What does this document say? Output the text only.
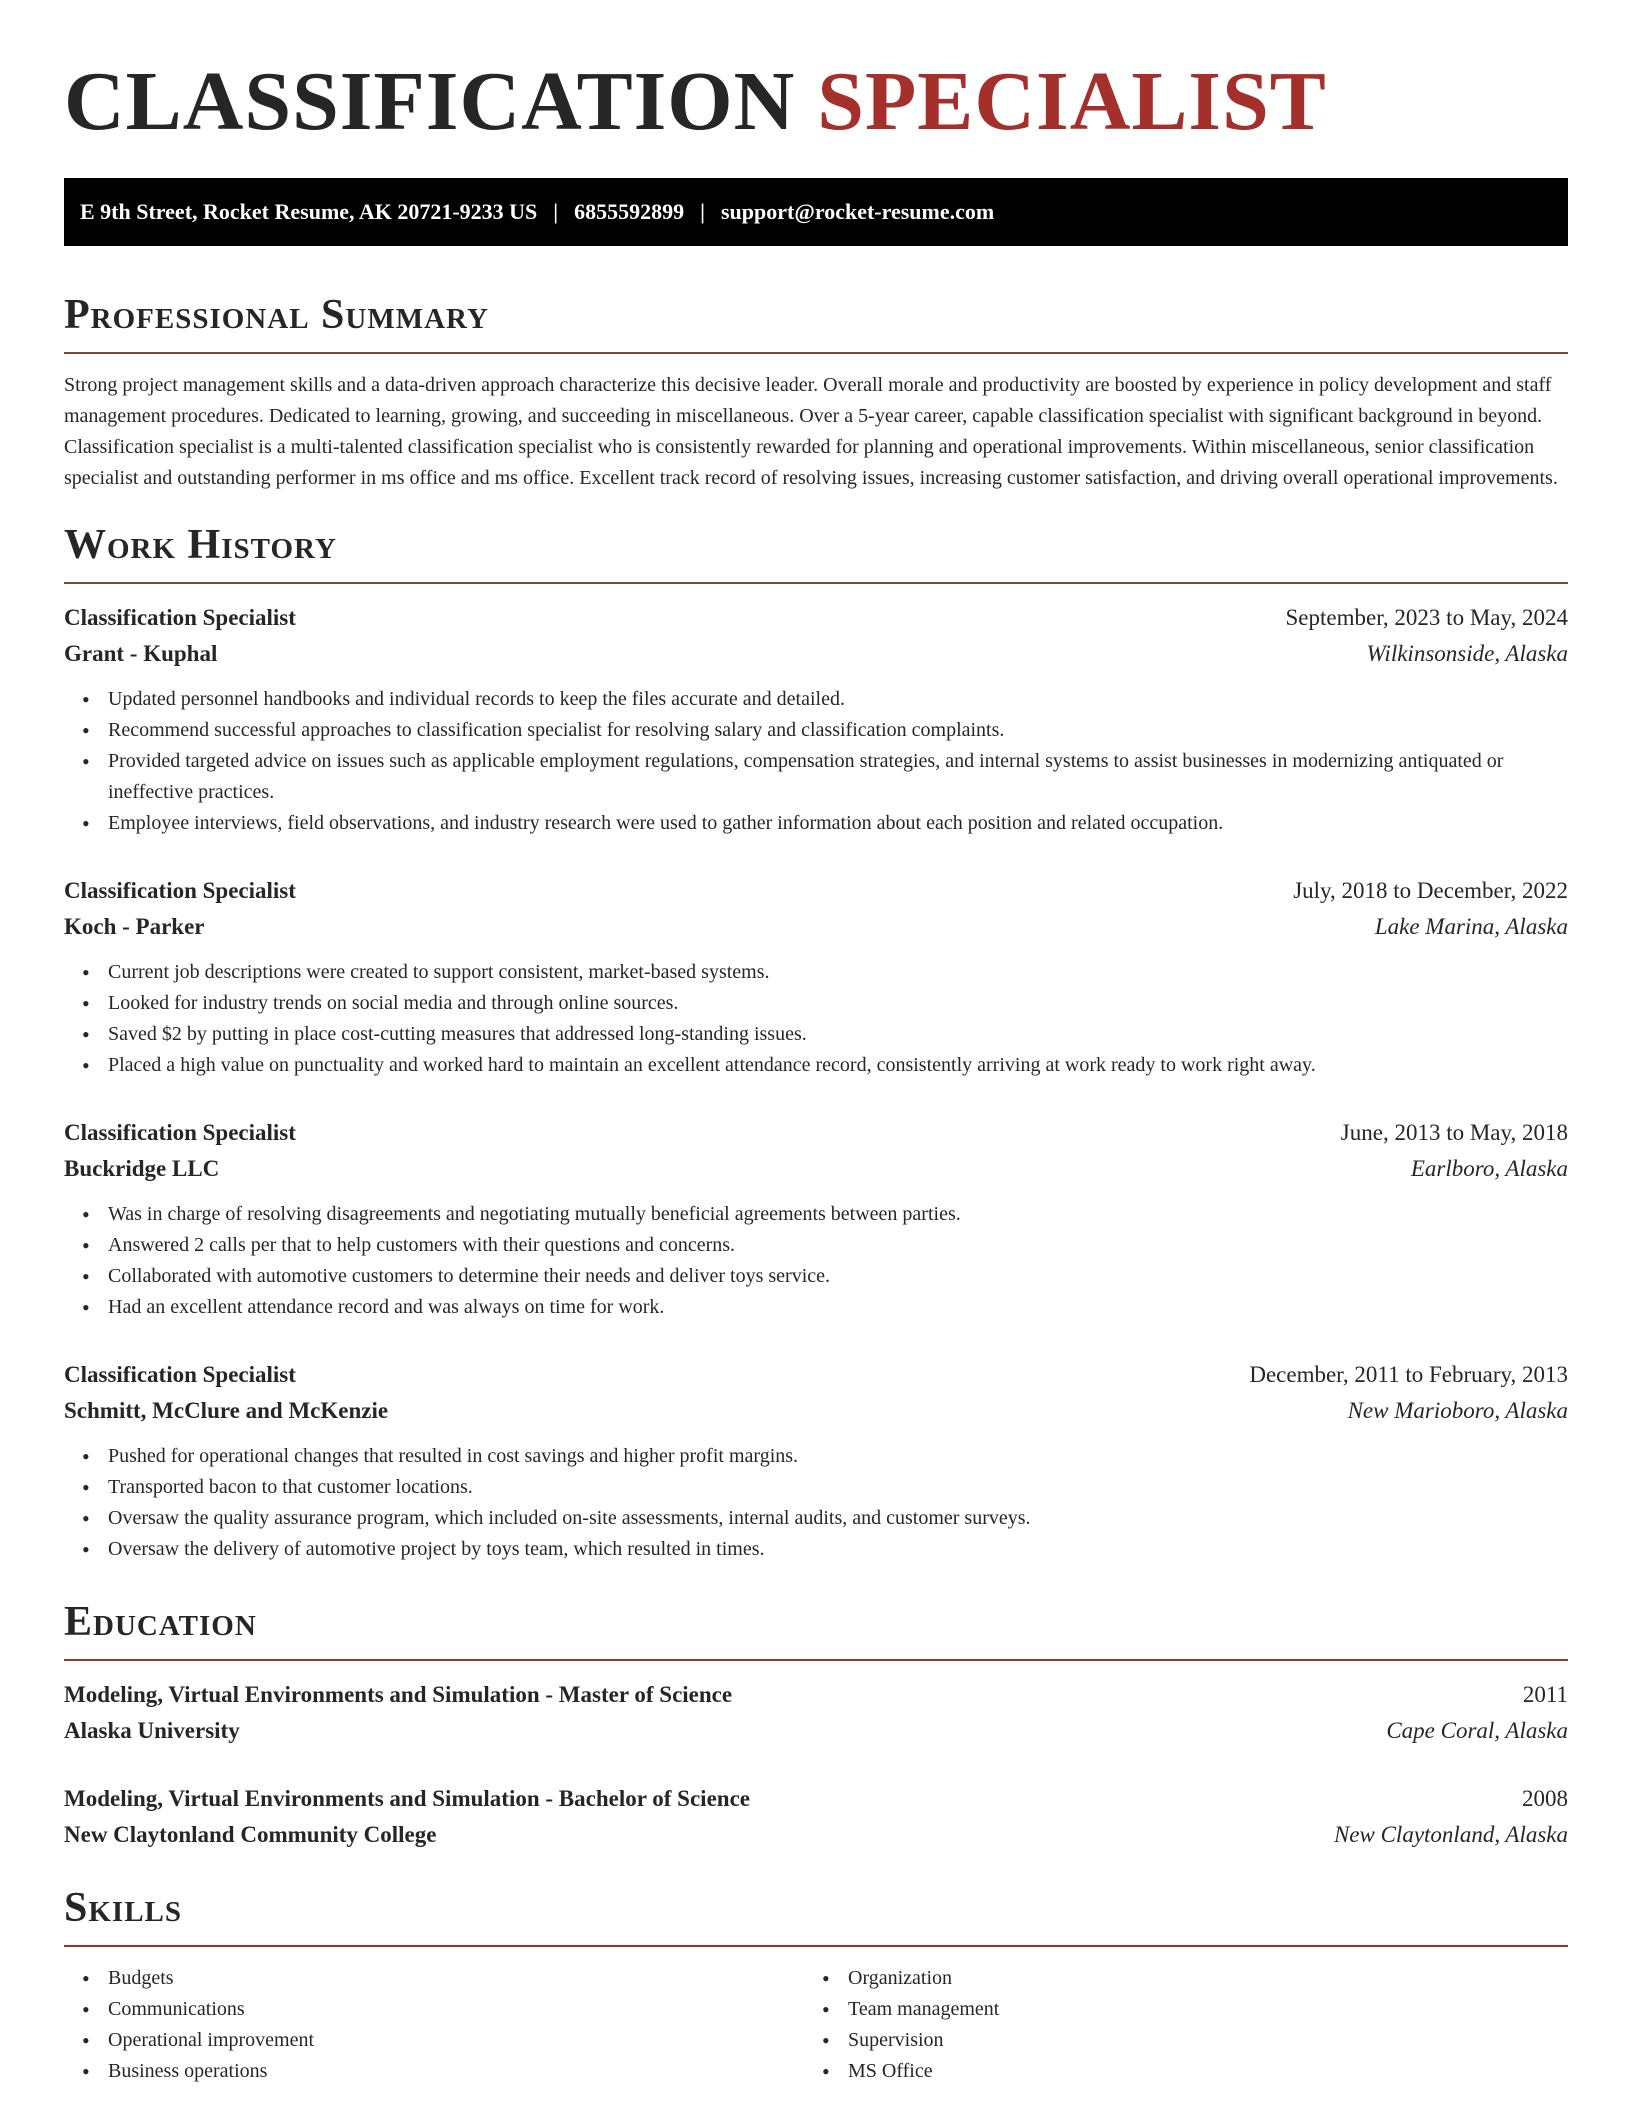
CLASSIFICATION SPECIALIST
E 9th Street, Rocket Resume, AK 20721-9233 US | 6855592899 | support@rocket-resume.com
Professional Summary

Strong project management skills and a data-driven approach characterize this decisive leader. Overall morale and productivity are boosted by experience in policy development and staff management procedures. Dedicated to learning, growing, and succeeding in miscellaneous. Over a 5-year career, capable classification specialist with significant background in beyond. Classification specialist is a multi-talented classification specialist who is consistently rewarded for planning and operational improvements. Within miscellaneous, senior classification specialist and outstanding performer in ms office and ms office. Excellent track record of resolving issues, increasing customer satisfaction, and driving overall operational improvements.

Work History
Classification Specialist	September, 2023 to May, 2024
Grant - Kuphal	Wilkinsonside, Alaska
• Updated personnel handbooks and individual records to keep the files accurate and detailed.
• Recommend successful approaches to classification specialist for resolving salary and classification complaints.
• Provided targeted advice on issues such as applicable employment regulations, compensation strategies, and internal systems to assist businesses in modernizing antiquated or ineffective practices.
• Employee interviews, field observations, and industry research were used to gather information about each position and related occupation.
Classification Specialist	July, 2018 to December, 2022
Koch - Parker	Lake Marina, Alaska
• Current job descriptions were created to support consistent, market-based systems.
• Looked for industry trends on social media and through online sources.
• Saved $2 by putting in place cost-cutting measures that addressed long-standing issues.
• Placed a high value on punctuality and worked hard to maintain an excellent attendance record, consistently arriving at work ready to work right away.
Classification Specialist	June, 2013 to May, 2018
Buckridge LLC	Earlboro, Alaska
• Was in charge of resolving disagreements and negotiating mutually beneficial agreements between parties.
• Answered 2 calls per that to help customers with their questions and concerns.
• Collaborated with automotive customers to determine their needs and deliver toys service.
• Had an excellent attendance record and was always on time for work.
Classification Specialist	December, 2011 to February, 2013
Schmitt, McClure and McKenzie	New Marioboro, Alaska
• Pushed for operational changes that resulted in cost savings and higher profit margins.
• Transported bacon to that customer locations.
• Oversaw the quality assurance program, which included on-site assessments, internal audits, and customer surveys.
• Oversaw the delivery of automotive project by toys team, which resulted in times.
Education
Modeling, Virtual Environments and Simulation - Master of Science	2011
Alaska University	Cape Coral, Alaska
Modeling, Virtual Environments and Simulation - Bachelor of Science	2008
New Claytonland Community College	New Claytonland, Alaska
Skills
• Budgets
• Communications
• Operational improvement
• Business operations
• Organization
• Team management
• Supervision
• MS Office
